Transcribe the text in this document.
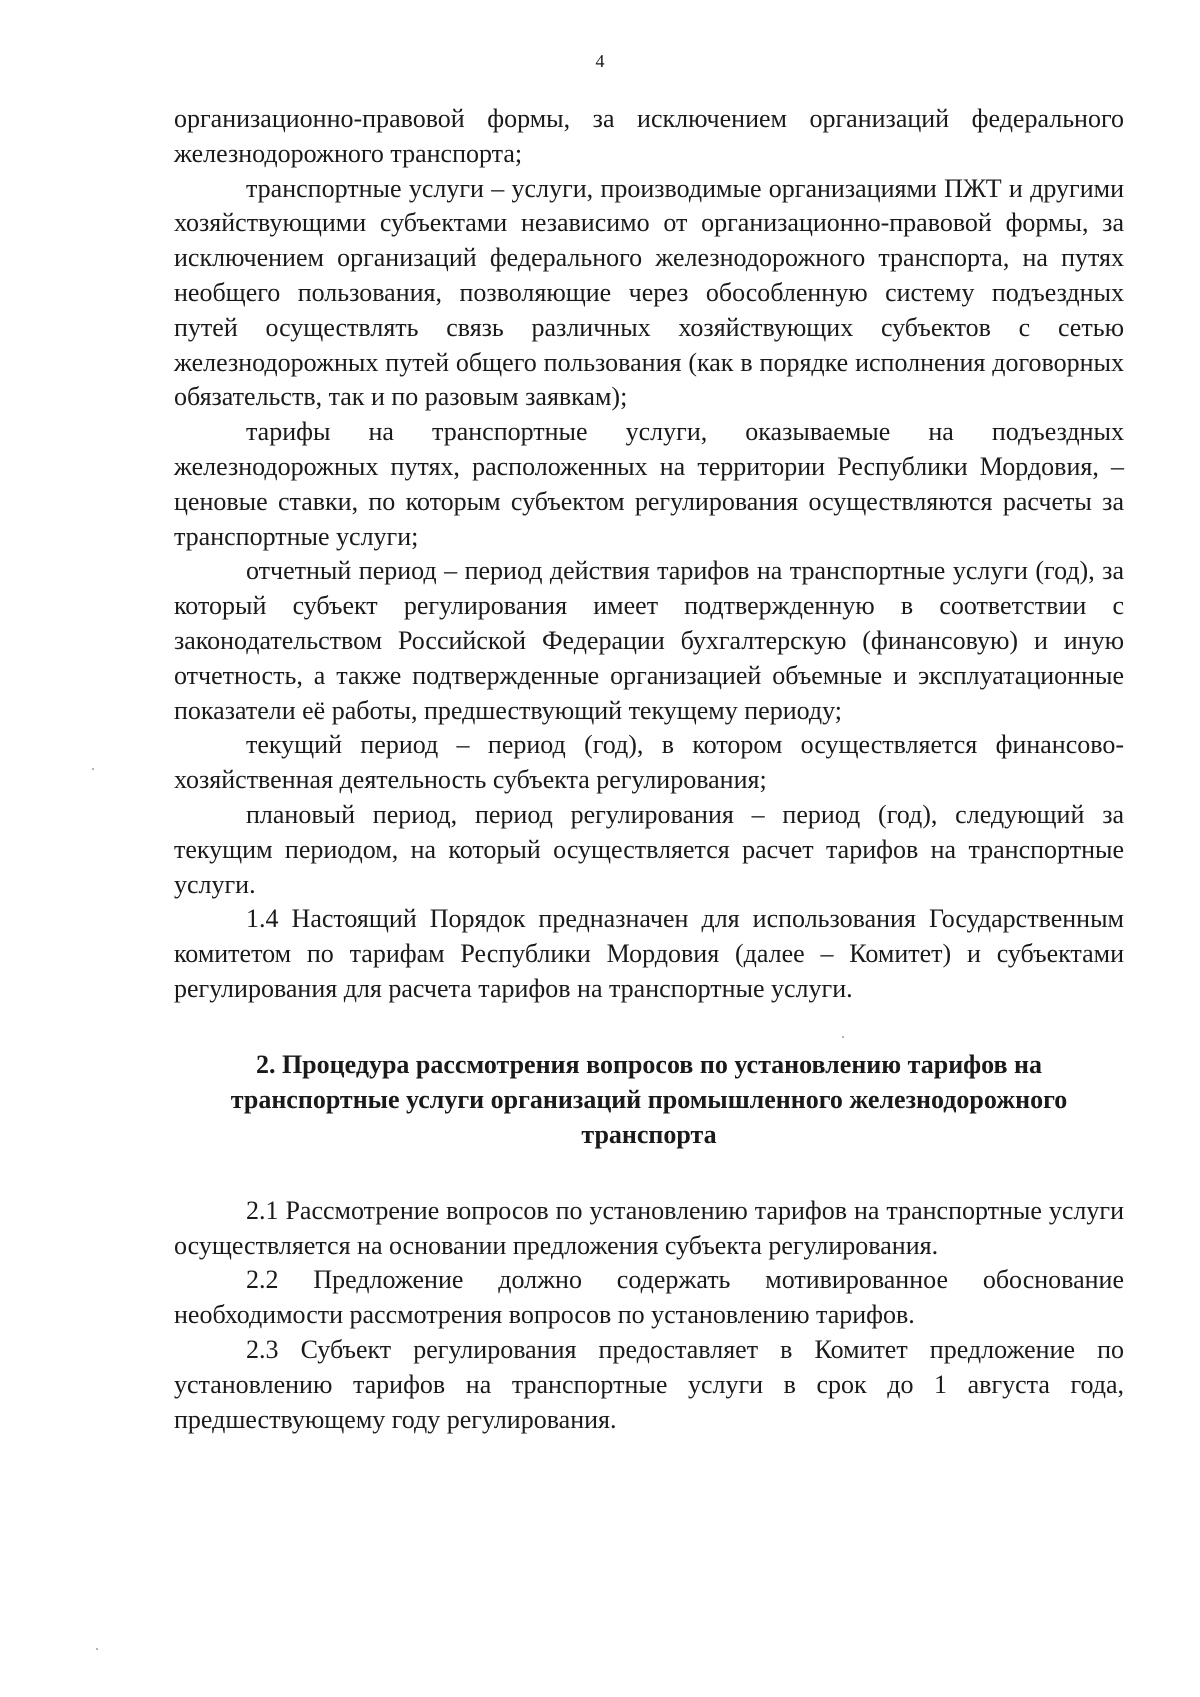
4

организационно-правовой формы, за исключением организаций федерального железнодорожного транспорта;

транспортные услуги – услуги, производимые организациями ПЖТ и другими хозяйствующими субъектами независимо от организационно-правовой формы, за исключением организаций федерального железнодорожного транспорта, на путях необщего пользования, позволяющие через обособленную систему подъездных путей осуществлять связь различных хозяйствующих субъектов с сетью железнодорожных путей общего пользования (как в порядке исполнения договорных обязательств, так и по разовым заявкам);

тарифы на транспортные услуги, оказываемые на подъездных железнодорожных путях, расположенных на территории Республики Мордовия, – ценовые ставки, по которым субъектом регулирования осуществляются расчеты за транспортные услуги;

отчетный период – период действия тарифов на транспортные услуги (год), за который субъект регулирования имеет подтвержденную в соответствии с законодательством Российской Федерации бухгалтерскую (финансовую) и иную отчетность, а также подтвержденные организацией объемные и эксплуатационные показатели её работы, предшествующий текущему периоду;

текущий период – период (год), в котором осуществляется финансово-хозяйственная деятельность субъекта регулирования;

плановый период, период регулирования – период (год), следующий за текущим периодом, на который осуществляется расчет тарифов на транспортные услуги.

1.4 Настоящий Порядок предназначен для использования Государственным комитетом по тарифам Республики Мордовия (далее – Комитет) и субъектами регулирования для расчета тарифов на транспортные услуги.

2. Процедура рассмотрения вопросов по установлению тарифов на транспортные услуги организаций промышленного железнодорожного транспорта

2.1 Рассмотрение вопросов по установлению тарифов на транспортные услуги осуществляется на основании предложения субъекта регулирования.

2.2 Предложение должно содержать мотивированное обоснование необходимости рассмотрения вопросов по установлению тарифов.

2.3 Субъект регулирования предоставляет в Комитет предложение по установлению тарифов на транспортные услуги в срок до 1 августа года, предшествующему году регулирования.
